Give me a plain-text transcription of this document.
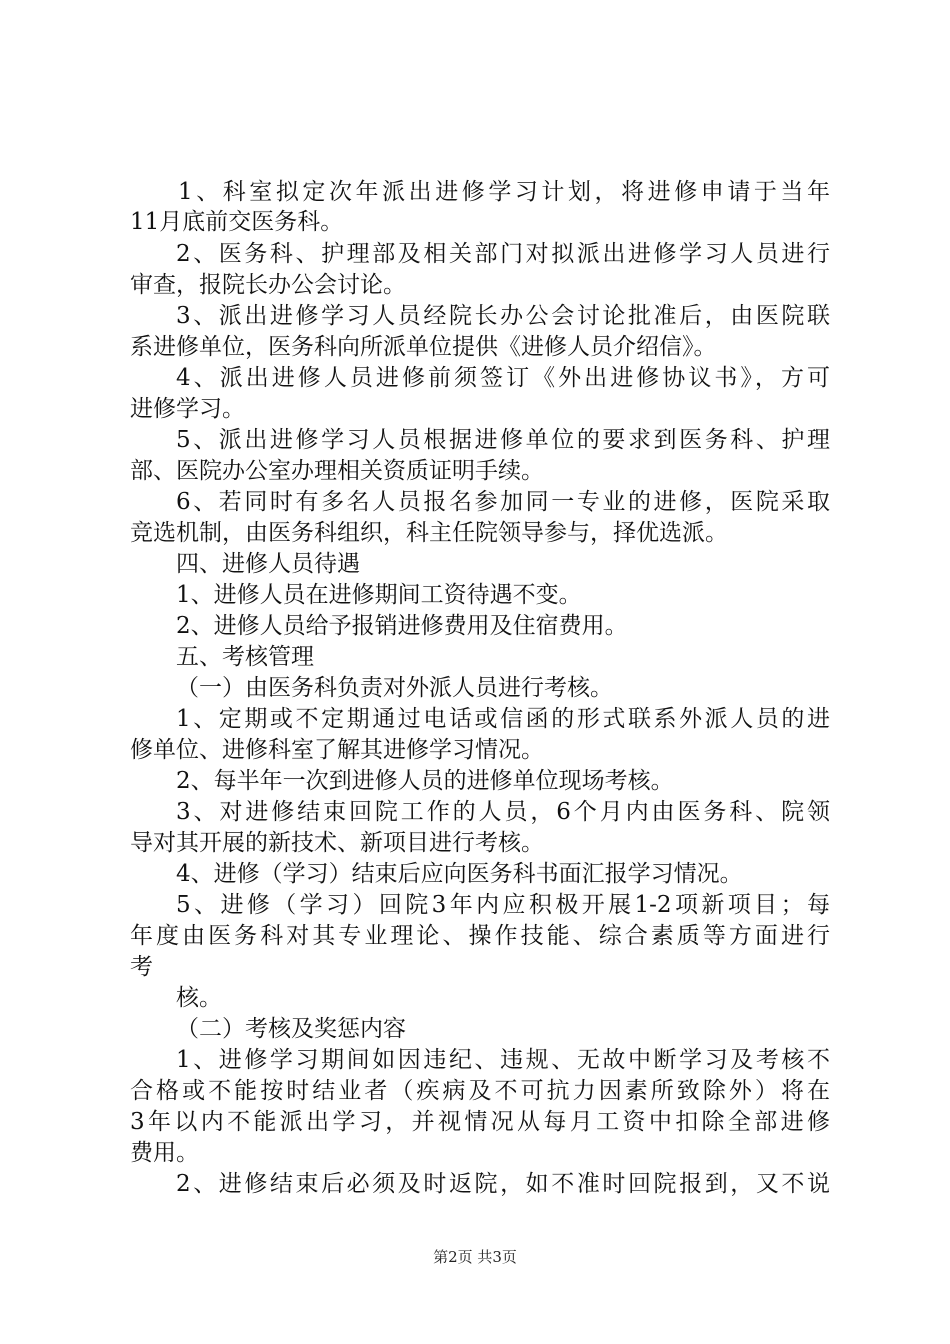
1、科室拟定次年派出进修学习计划，将进修申请于当年
11月底前交医务科。
2、医务科、护理部及相关部门对拟派出进修学习人员进行
审查，报院长办公会讨论。
3、派出进修学习人员经院长办公会讨论批准后，由医院联
系进修单位，医务科向所派单位提供《进修人员介绍信》。
4、派出进修人员进修前须签订《外出进修协议书》，方可
进修学习。
5、派出进修学习人员根据进修单位的要求到医务科、护理
部、医院办公室办理相关资质证明手续。
6、若同时有多名人员报名参加同一专业的进修，医院采取
竞选机制，由医务科组织，科主任院领导参与，择优选派。
四、进修人员待遇
1、进修人员在进修期间工资待遇不变。
2、进修人员给予报销进修费用及住宿费用。
五、考核管理
（一）由医务科负责对外派人员进行考核。
1、定期或不定期通过电话或信函的形式联系外派人员的进
修单位、进修科室了解其进修学习情况。
2、每半年一次到进修人员的进修单位现场考核。
3、对进修结束回院工作的人员，6个月内由医务科、院领
导对其开展的新技术、新项目进行考核。
4、进修（学习）结束后应向医务科书面汇报学习情况。
5、进修（学习）回院3年内应积极开展1-2项新项目；每
年度由医务科对其专业理论、操作技能、综合素质等方面进行
考
核。
（二）考核及奖惩内容
1、进修学习期间如因违纪、违规、无故中断学习及考核不
合格或不能按时结业者（疾病及不可抗力因素所致除外）将在
3年以内不能派出学习，并视情况从每月工资中扣除全部进修
费用。
2、进修结束后必须及时返院，如不准时回院报到，又不说
第2页 共3页
